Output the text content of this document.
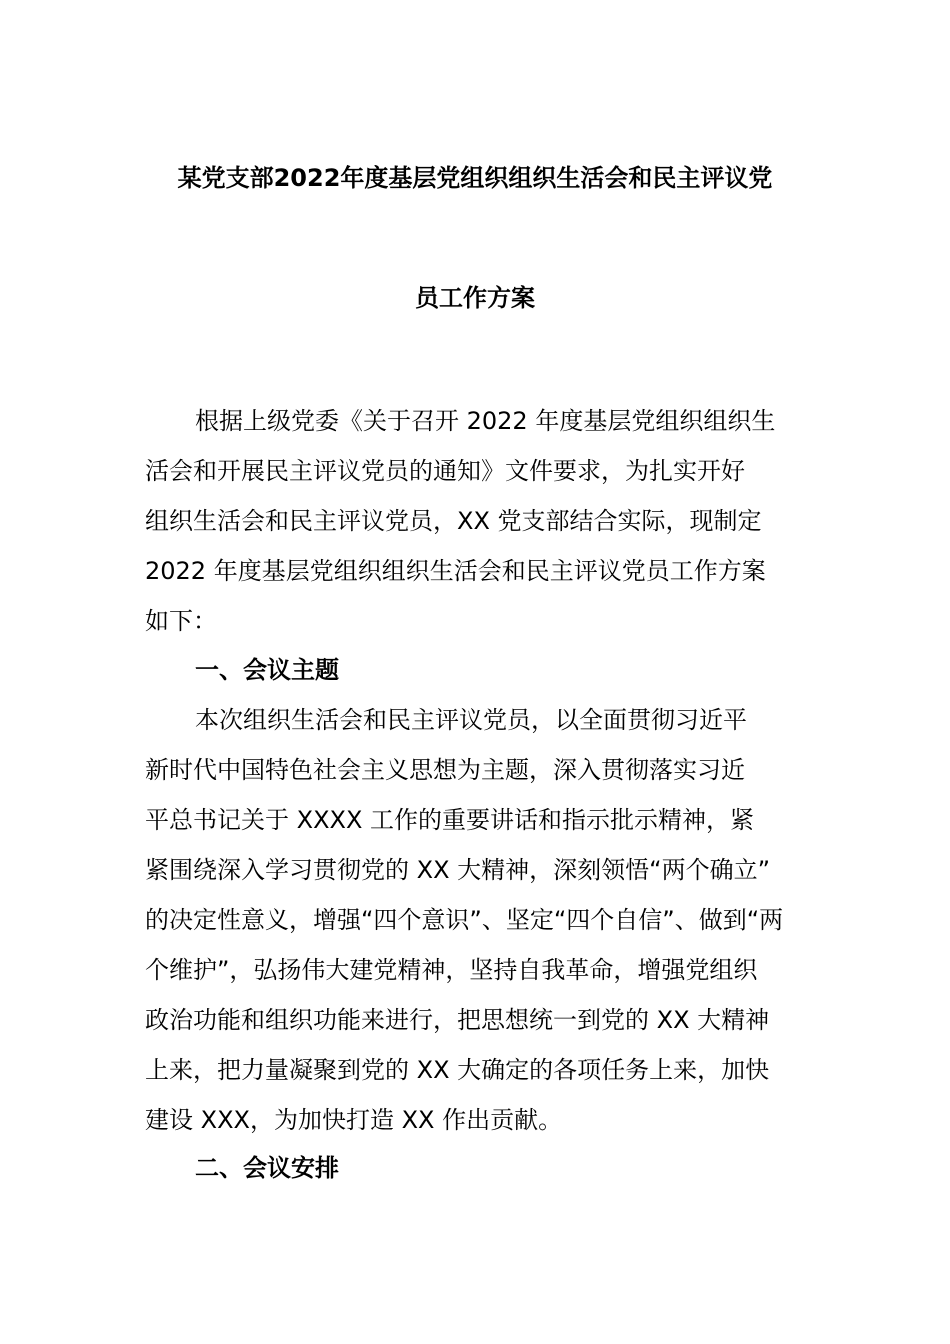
某党支部2022年度基层党组织组织生活会和民主评议党
员工作方案
根据上级党委《关于召开 2022 年度基层党组织组织生
活会和开展民主评议党员的通知》文件要求，为扎实开好
组织生活会和民主评议党员，XX 党支部结合实际，现制定
2022 年度基层党组织组织生活会和民主评议党员工作方案
如下：
一、会议主题
本次组织生活会和民主评议党员，以全面贯彻习近平
新时代中国特色社会主义思想为主题，深入贯彻落实习近
平总书记关于 XXXX 工作的重要讲话和指示批示精神，紧
紧围绕深入学习贯彻党的 XX 大精神，深刻领悟“两个确立”
的决定性意义，增强“四个意识”、坚定“四个自信”、做到“两
个维护”，弘扬伟大建党精神，坚持自我革命，增强党组织
政治功能和组织功能来进行，把思想统一到党的 XX 大精神
上来，把力量凝聚到党的 XX 大确定的各项任务上来，加快
建设 XXX，为加快打造 XX 作出贡献。
二、会议安排
